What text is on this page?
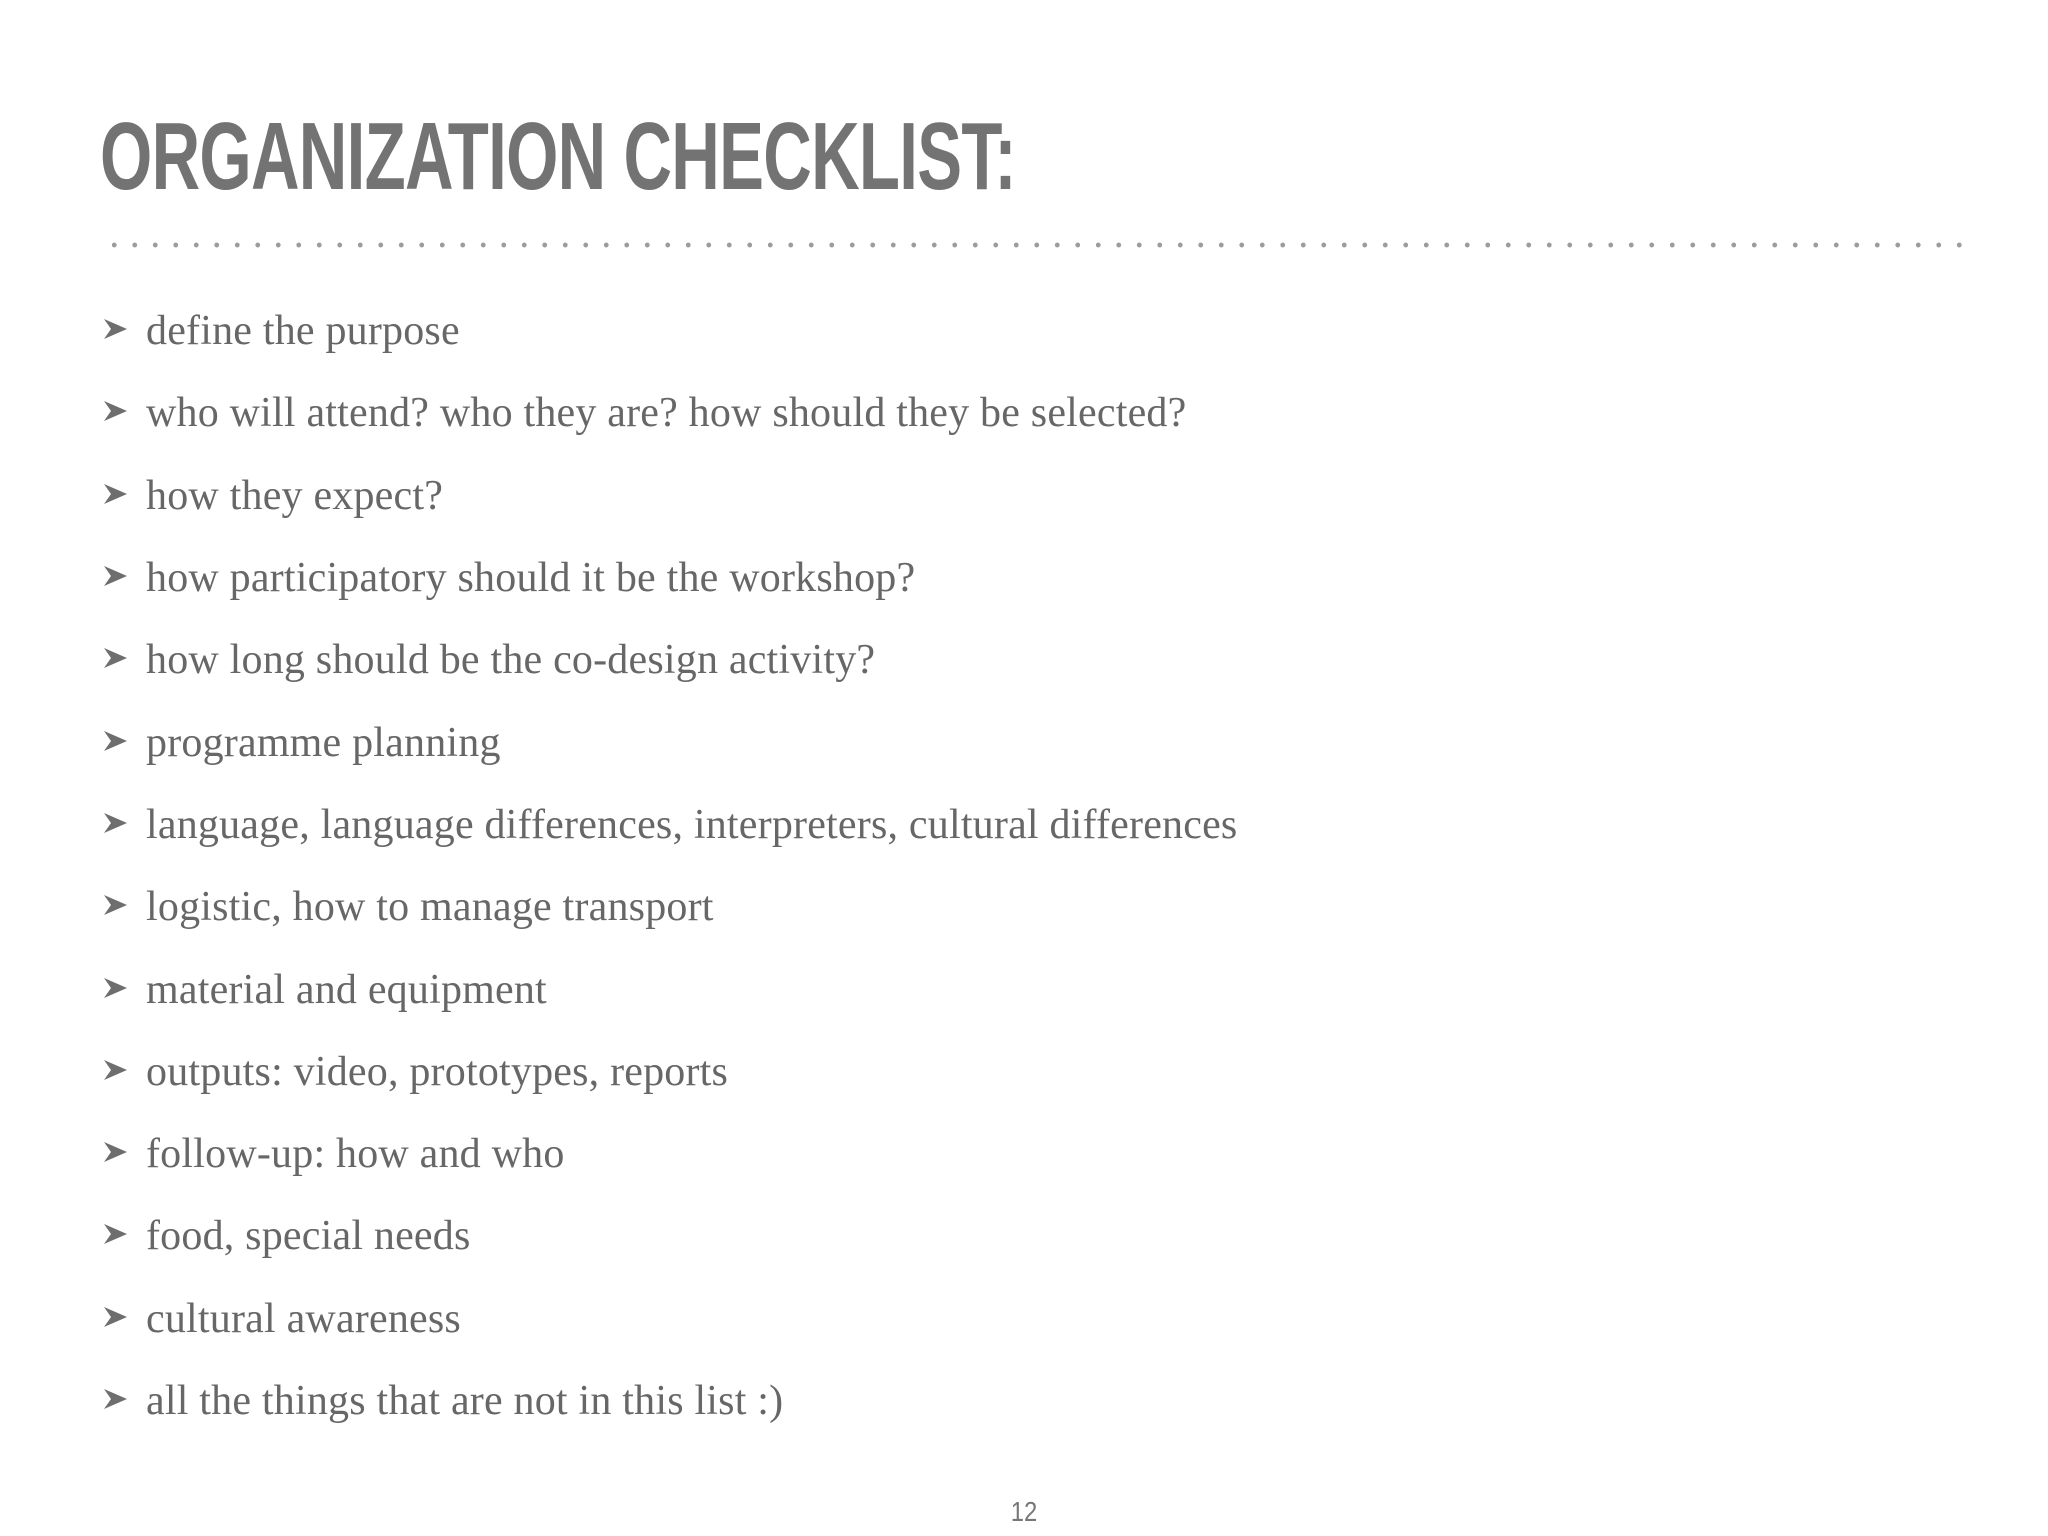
ORGANIZATION CHECKLIST:
define the purpose
who will attend? who they are? how should they be selected?
how they expect?
how participatory should it be the workshop?
how long should be the co-design activity?
programme planning
language, language differences, interpreters, cultural differences
logistic, how to manage transport
material and equipment
outputs: video, prototypes, reports
follow-up: how and who
food, special needs
cultural awareness
all the things that are not in this list :)
12
